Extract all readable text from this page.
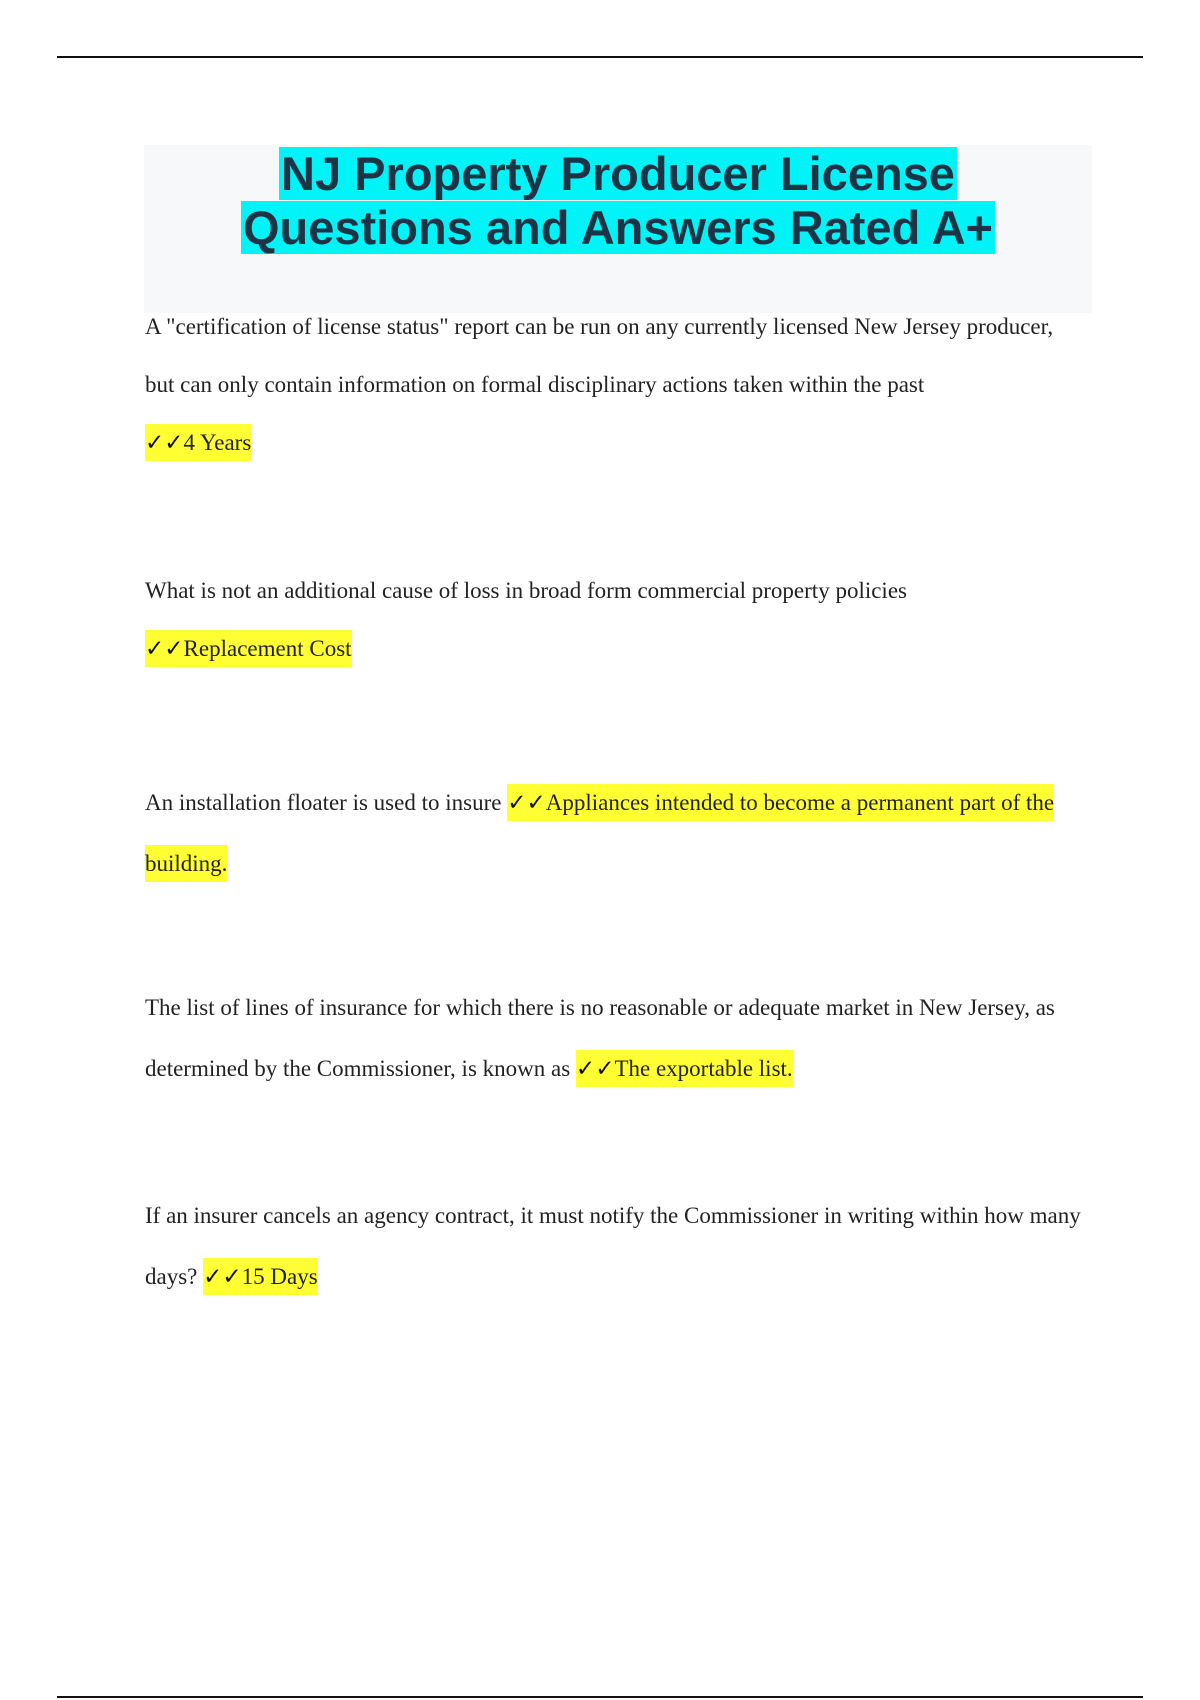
NJ Property Producer License

Questions and Answers Rated A+

A "certification of license status" report can be run on any currently licensed New Jersey producer, but can only contain information on formal disciplinary actions taken within the past

✓✓4 Years

What is not an additional cause of loss in broad form commercial property policies

✓✓Replacement Cost

An installation floater is used to insure ✓✓Appliances intended to become a permanent part of the building.

The list of lines of insurance for which there is no reasonable or adequate market in New Jersey, as determined by the Commissioner, is known as ✓✓The exportable list.

If an insurer cancels an agency contract, it must notify the Commissioner in writing within how many days? ✓✓15 Days
